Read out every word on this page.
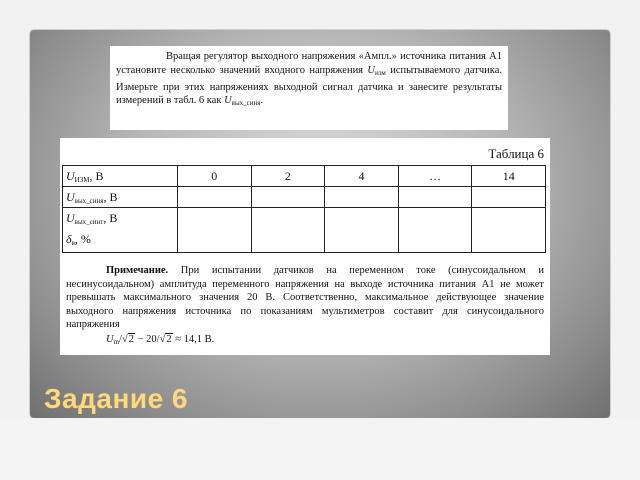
Вращая регулятор выходного напряжения «Ампл.» источника питания А1 установите несколько значений входного напряжения $U_{изм}$ испытываемого датчика. Измерьте при этих напряжениях выходной сигнал датчика и занесите результаты измерений в табл. 6 как $U_{вых\_синя}$.

Таблица 6
$U_{ИЗМ}$, В	0	2	4	…	14
$U_{вых\_синя}$, В					

$U_{вых\_синт}$, В
$\delta_в$, %					

Примечание. При испытании датчиков на переменном токе (синусоидальном и несинусоидальном) амплитуда переменного напряжения на выходе источника питания А1 не может превышать максимального значения 20 В. Соответственно, максимальное действующее значение выходного напряжения источника по показаниям мультиметров составит для синусоидального напряжения
$U_m/√2 - 20/√2 \approx 14,1$ В.

Задание 6
